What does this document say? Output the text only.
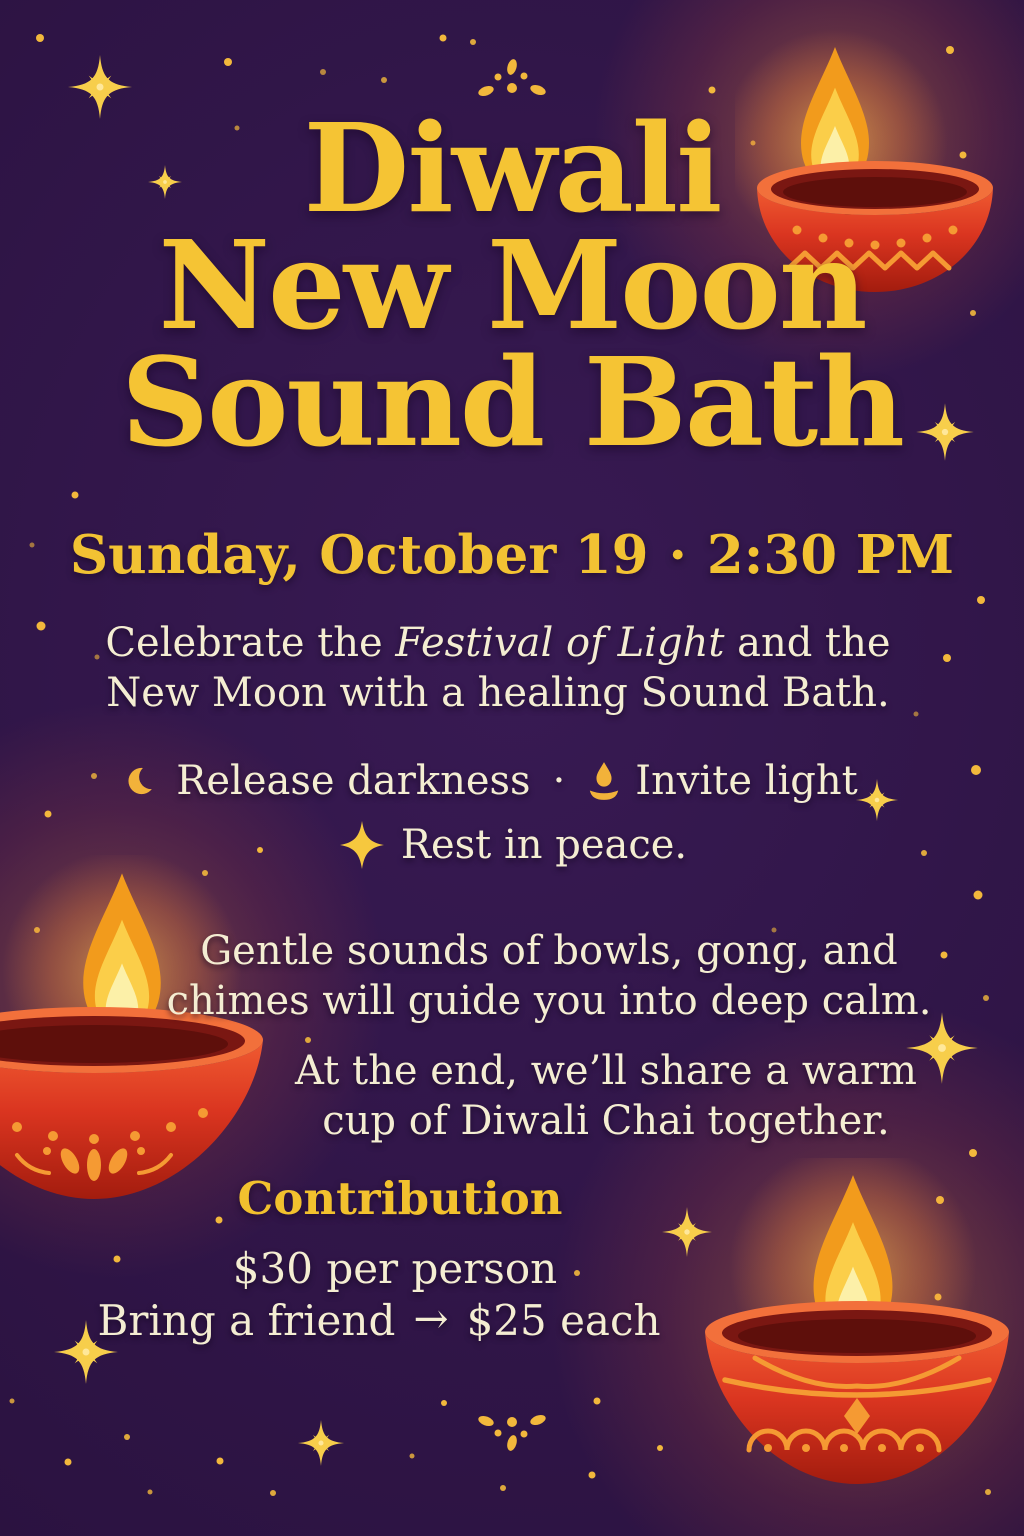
Diwali
New Moon
Sound Bath
Sunday, October 19 · 2:30 PM
Celebrate the Festival of Light and the
New Moon with a healing Sound Bath.
Release darkness · Invite light
Rest in peace.
Gentle sounds of bowls, gong, and
chimes will guide you into deep calm.
At the end, we’ll share a warm
cup of Diwali Chai together.
Contribution
$30 per person
Bring a friend → $25 each
